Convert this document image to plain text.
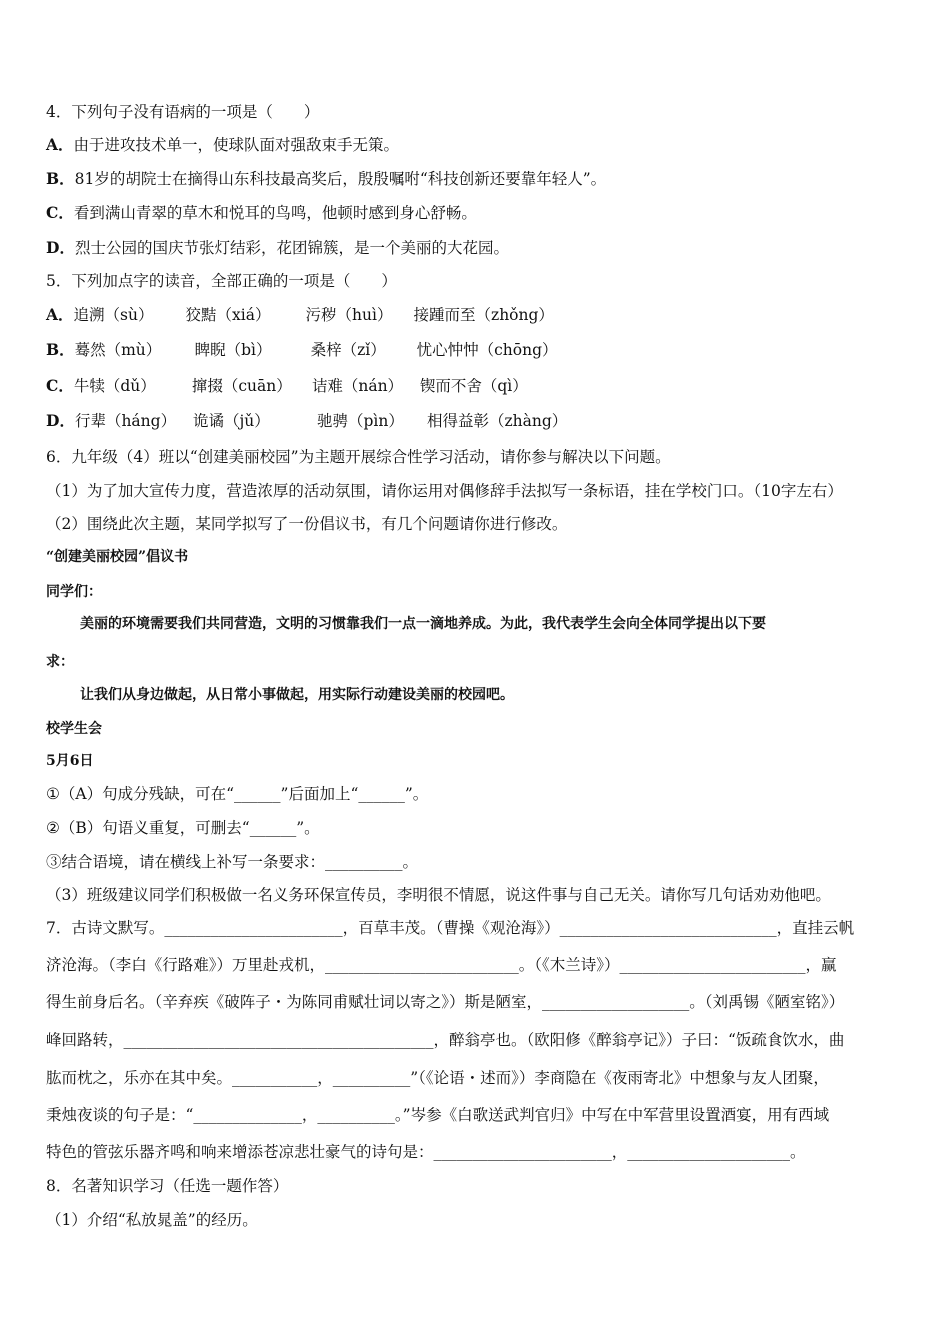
4．下列句子没有语病的一项是（　　）
A．由于进攻技术单一，使球队面对强敌束手无策。
B．81岁的胡院士在摘得山东科技最高奖后，殷殷嘱咐“科技创新还要靠年轻人”。
C．看到满山青翠的草木和悦耳的鸟鸣，他顿时感到身心舒畅。
D．烈士公园的国庆节张灯结彩，花团锦簇，是一个美丽的大花园。
5．下列加点字的读音，全部正确的一项是（　　）
A．追溯（sù） 狡黠（xiá） 污秽（huì） 接踵而至（zhǒng）
B．蓦然（mù） 睥睨（bì）	桑梓（zǐ） 忧心忡忡（chōng）
C．牛犊（dǔ） 撺掇（cuān） 诘难（nán） 锲而不舍（qì）
D．行辈（háng） 诡谲（jǔ）	驰骋（pìn） 相得益彰（zhàng）
6．九年级（4）班以“创建美丽校园”为主题开展综合性学习活动，请你参与解决以下问题。
（1）为了加大宣传力度，营造浓厚的活动氛围，请你运用对偶修辞手法拟写一条标语，挂在学校门口。（10字左右）
（2）围绕此次主题，某同学拟写了一份倡议书，有几个问题请你进行修改。
“创建美丽校园”倡议书
同学们：
美丽的环境需要我们共同营造，文明的习惯靠我们一点一滴地养成。为此，我代表学生会向全体同学提出以下要
求：
让我们从身边做起，从日常小事做起，用实际行动建设美丽的校园吧。
校学生会
5月6日
①（A）句成分残缺，可在“______”后面加上“______”。
②（B）句语义重复，可删去“______”。
③结合语境，请在横线上补写一条要求：__________。
（3）班级建议同学们积极做一名义务环保宣传员，李明很不情愿，说这件事与自己无关。请你写几句话劝劝他吧。
7．古诗文默写。_______________________，百草丰茂。（曹操《观沧海》）____________________________，直挂云帆
济沧海。（李白《行路难》）万里赴戎机，_________________________。（《木兰诗》）________________________，赢
得生前身后名。（辛弃疾《破阵子・为陈同甫赋壮词以寄之》）斯是陋室，___________________。（刘禹锡《陋室铭》）
峰回路转，________________________________________，醉翁亭也。（欧阳修《醉翁亭记》）子曰：“饭疏食饮水，曲
肱而枕之，乐亦在其中矣。___________，__________”（《论语・述而》）李商隐在《夜雨寄北》中想象与友人团聚，
秉烛夜谈的句子是：“______________，__________。”岑参《白歌送武判官归》中写在中军营里设置酒宴，用有西域
特色的管弦乐器齐鸣和响来增添苍凉悲壮豪气的诗句是：_______________________，_____________________。
8．名著知识学习（任选一题作答）
（1）介绍“私放晁盖”的经历。
